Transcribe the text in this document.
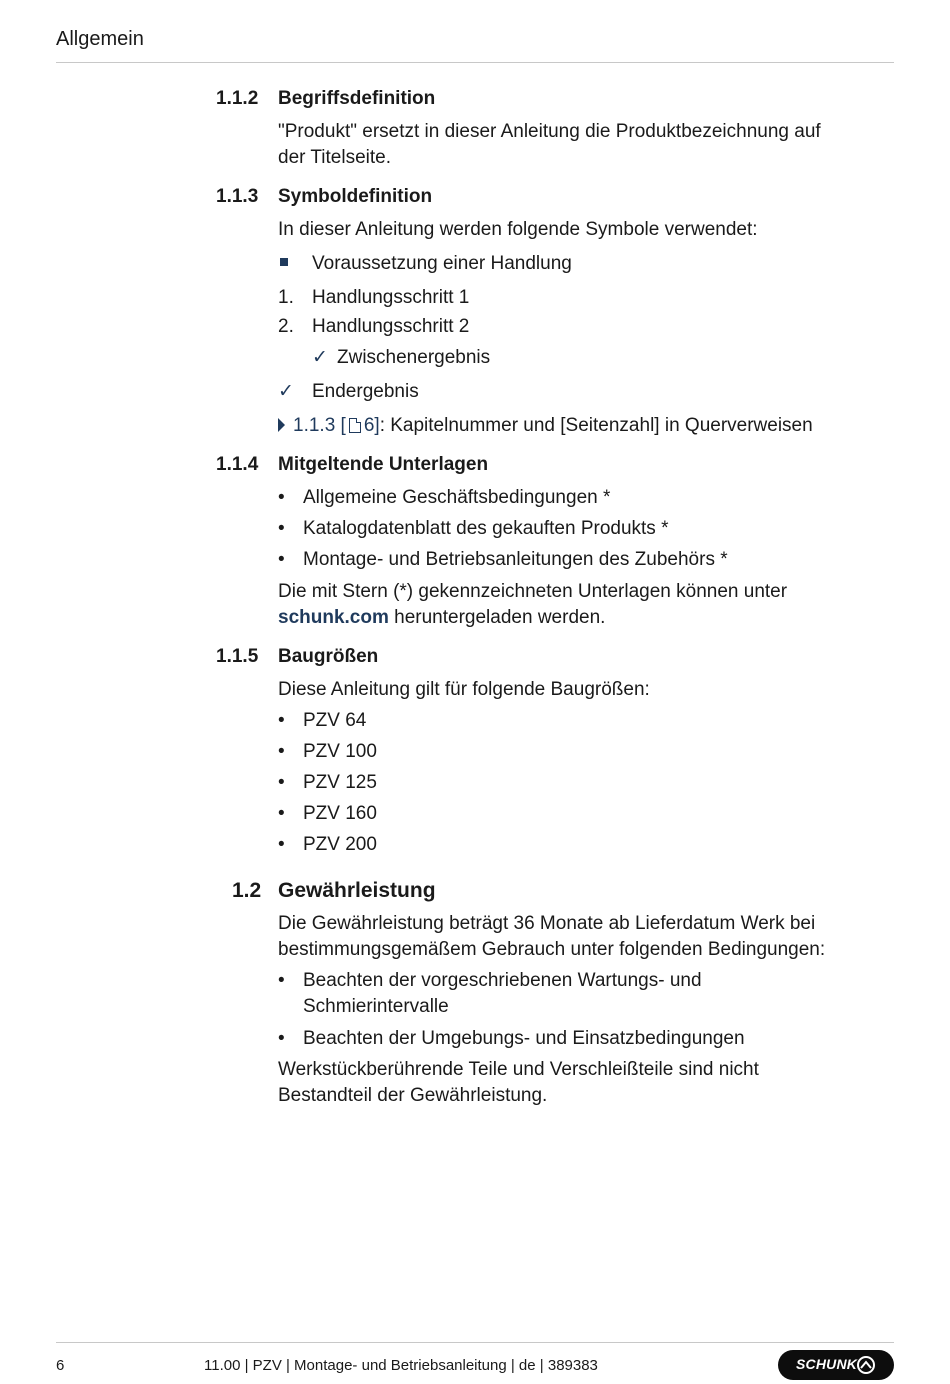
Allgemein
1.1.2 Begriffsdefinition
"Produkt" ersetzt in dieser Anleitung die Produktbezeichnung auf
der Titelseite.
1.1.3 Symboldefinition
In dieser Anleitung werden folgende Symbole verwendet:
Voraussetzung einer Handlung
1. Handlungsschritt 1
2. Handlungsschritt 2
✓ Zwischenergebnis
✓ Endergebnis
1.1.3 [ 6]: Kapitelnummer und [Seitenzahl] in Querverweisen
1.1.4 Mitgeltende Unterlagen
• Allgemeine Geschäftsbedingungen *
• Katalogdatenblatt des gekauften Produkts *
• Montage- und Betriebsanleitungen des Zubehörs *
Die mit Stern (*) gekennzeichneten Unterlagen können unter
schunk.com heruntergeladen werden.
1.1.5 Baugrößen
Diese Anleitung gilt für folgende Baugrößen:
• PZV 64
• PZV 100
• PZV 125
• PZV 160
• PZV 200
1.2 Gewährleistung
Die Gewährleistung beträgt 36 Monate ab Lieferdatum Werk bei
bestimmungsgemäßem Gebrauch unter folgenden Bedingungen:
• Beachten der vorgeschriebenen Wartungs- und
Schmierintervalle
• Beachten der Umgebungs- und Einsatzbedingungen
Werkstückberührende Teile und Verschleißteile sind nicht
Bestandteil der Gewährleistung.
6	11.00 | PZV | Montage- und Betriebsanleitung | de | 389383	SCHUNK
